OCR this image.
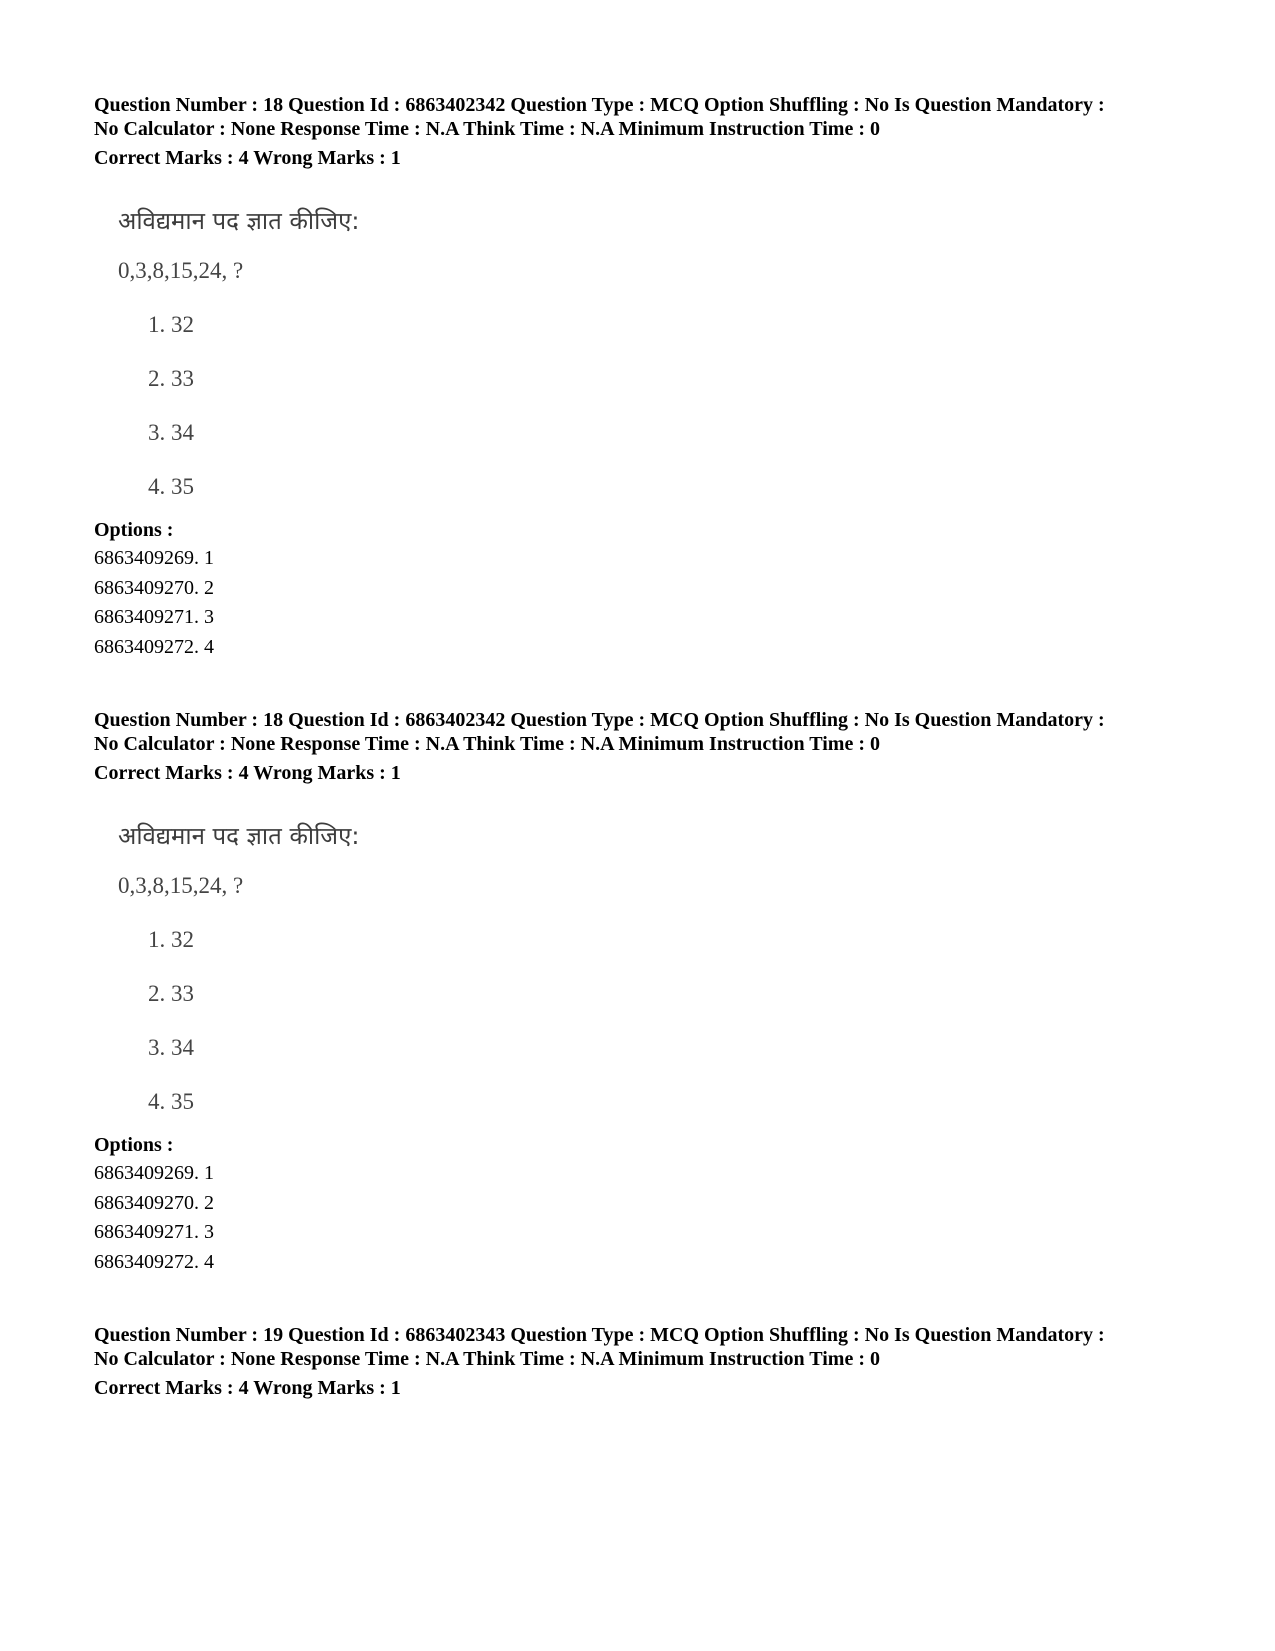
Question Number : 18 Question Id : 6863402342 Question Type : MCQ Option Shuffling : No Is Question Mandatory :
No Calculator : None Response Time : N.A Think Time : N.A Minimum Instruction Time : 0
Correct Marks : 4 Wrong Marks : 1
अविद्यमान पद ज्ञात कीजिए:
0,3,8,15,24, ?
1. 32
2. 33
3. 34
4. 35
Options :
6863409269. 1
6863409270. 2
6863409271. 3
6863409272. 4
Question Number : 18 Question Id : 6863402342 Question Type : MCQ Option Shuffling : No Is Question Mandatory :
No Calculator : None Response Time : N.A Think Time : N.A Minimum Instruction Time : 0
Correct Marks : 4 Wrong Marks : 1
अविद्यमान पद ज्ञात कीजिए:
0,3,8,15,24, ?
1. 32
2. 33
3. 34
4. 35
Options :
6863409269. 1
6863409270. 2
6863409271. 3
6863409272. 4
Question Number : 19 Question Id : 6863402343 Question Type : MCQ Option Shuffling : No Is Question Mandatory :
No Calculator : None Response Time : N.A Think Time : N.A Minimum Instruction Time : 0
Correct Marks : 4 Wrong Marks : 1
